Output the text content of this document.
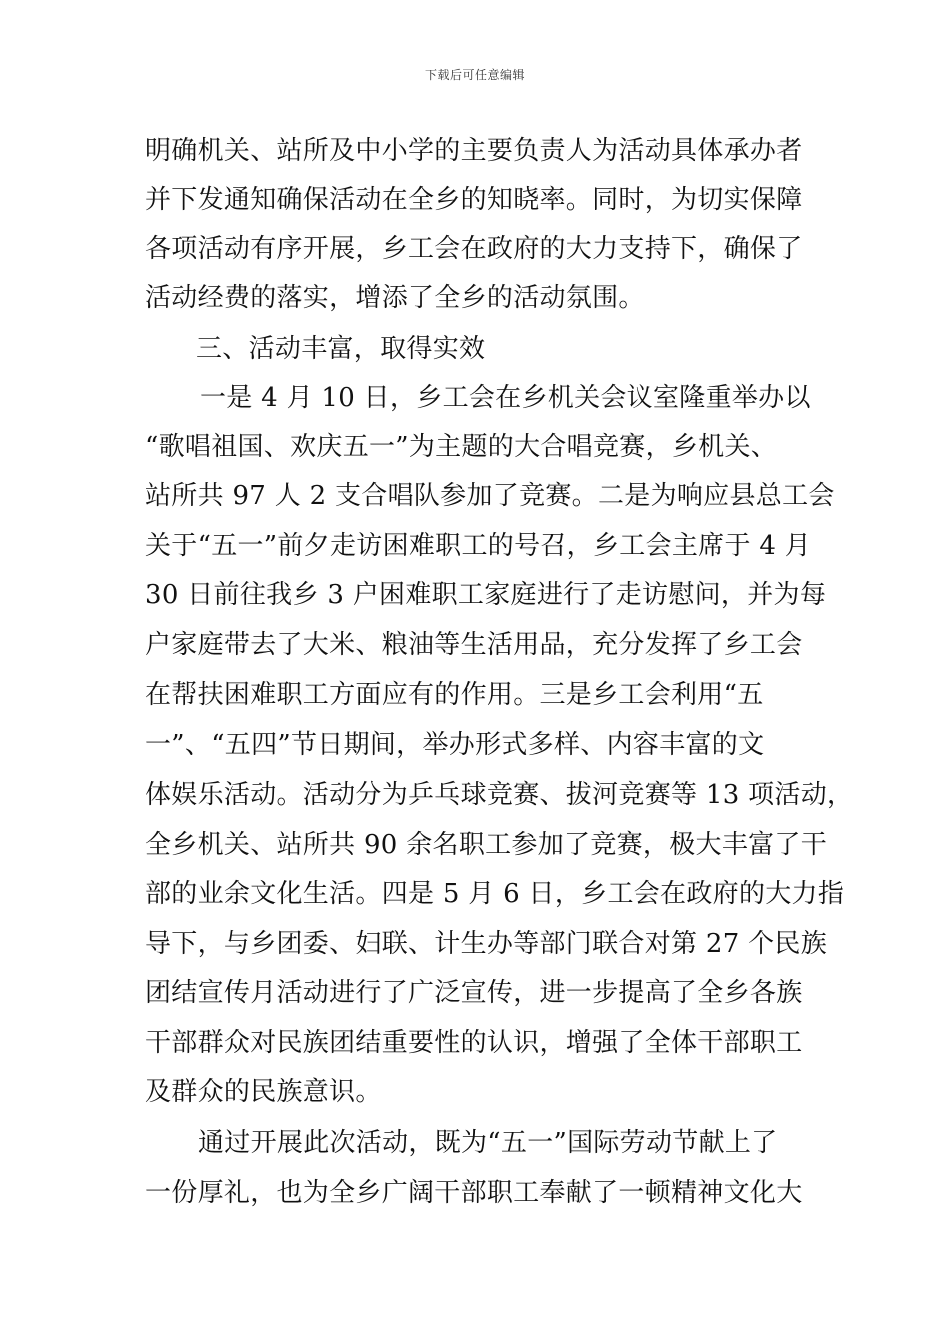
下载后可任意编辑
明确机关、站所及中小学的主要负责人为活动具体承办者
并下发通知确保活动在全乡的知晓率。同时，为切实保障
各项活动有序开展，乡工会在政府的大力支持下，确保了
活动经费的落实，增添了全乡的活动氛围。
三、活动丰富，取得实效
一是 4 月 10 日，乡工会在乡机关会议室隆重举办以
“歌唱祖国、欢庆五一”为主题的大合唱竞赛，乡机关、
站所共 97 人 2 支合唱队参加了竞赛。二是为响应县总工会
关于“五一”前夕走访困难职工的号召，乡工会主席于 4 月
30 日前往我乡 3 户困难职工家庭进行了走访慰问，并为每
户家庭带去了大米、粮油等生活用品，充分发挥了乡工会
在帮扶困难职工方面应有的作用。三是乡工会利用“五
一”、“五四”节日期间，举办形式多样、内容丰富的文
体娱乐活动。活动分为乒乓球竞赛、拔河竞赛等 13 项活动，
全乡机关、站所共 90 余名职工参加了竞赛，极大丰富了干
部的业余文化生活。四是 5 月 6 日，乡工会在政府的大力指
导下，与乡团委、妇联、计生办等部门联合对第 27 个民族
团结宣传月活动进行了广泛宣传，进一步提高了全乡各族
干部群众对民族团结重要性的认识，增强了全体干部职工
及群众的民族意识。
通过开展此次活动，既为“五一”国际劳动节献上了
一份厚礼，也为全乡广阔干部职工奉献了一顿精神文化大
